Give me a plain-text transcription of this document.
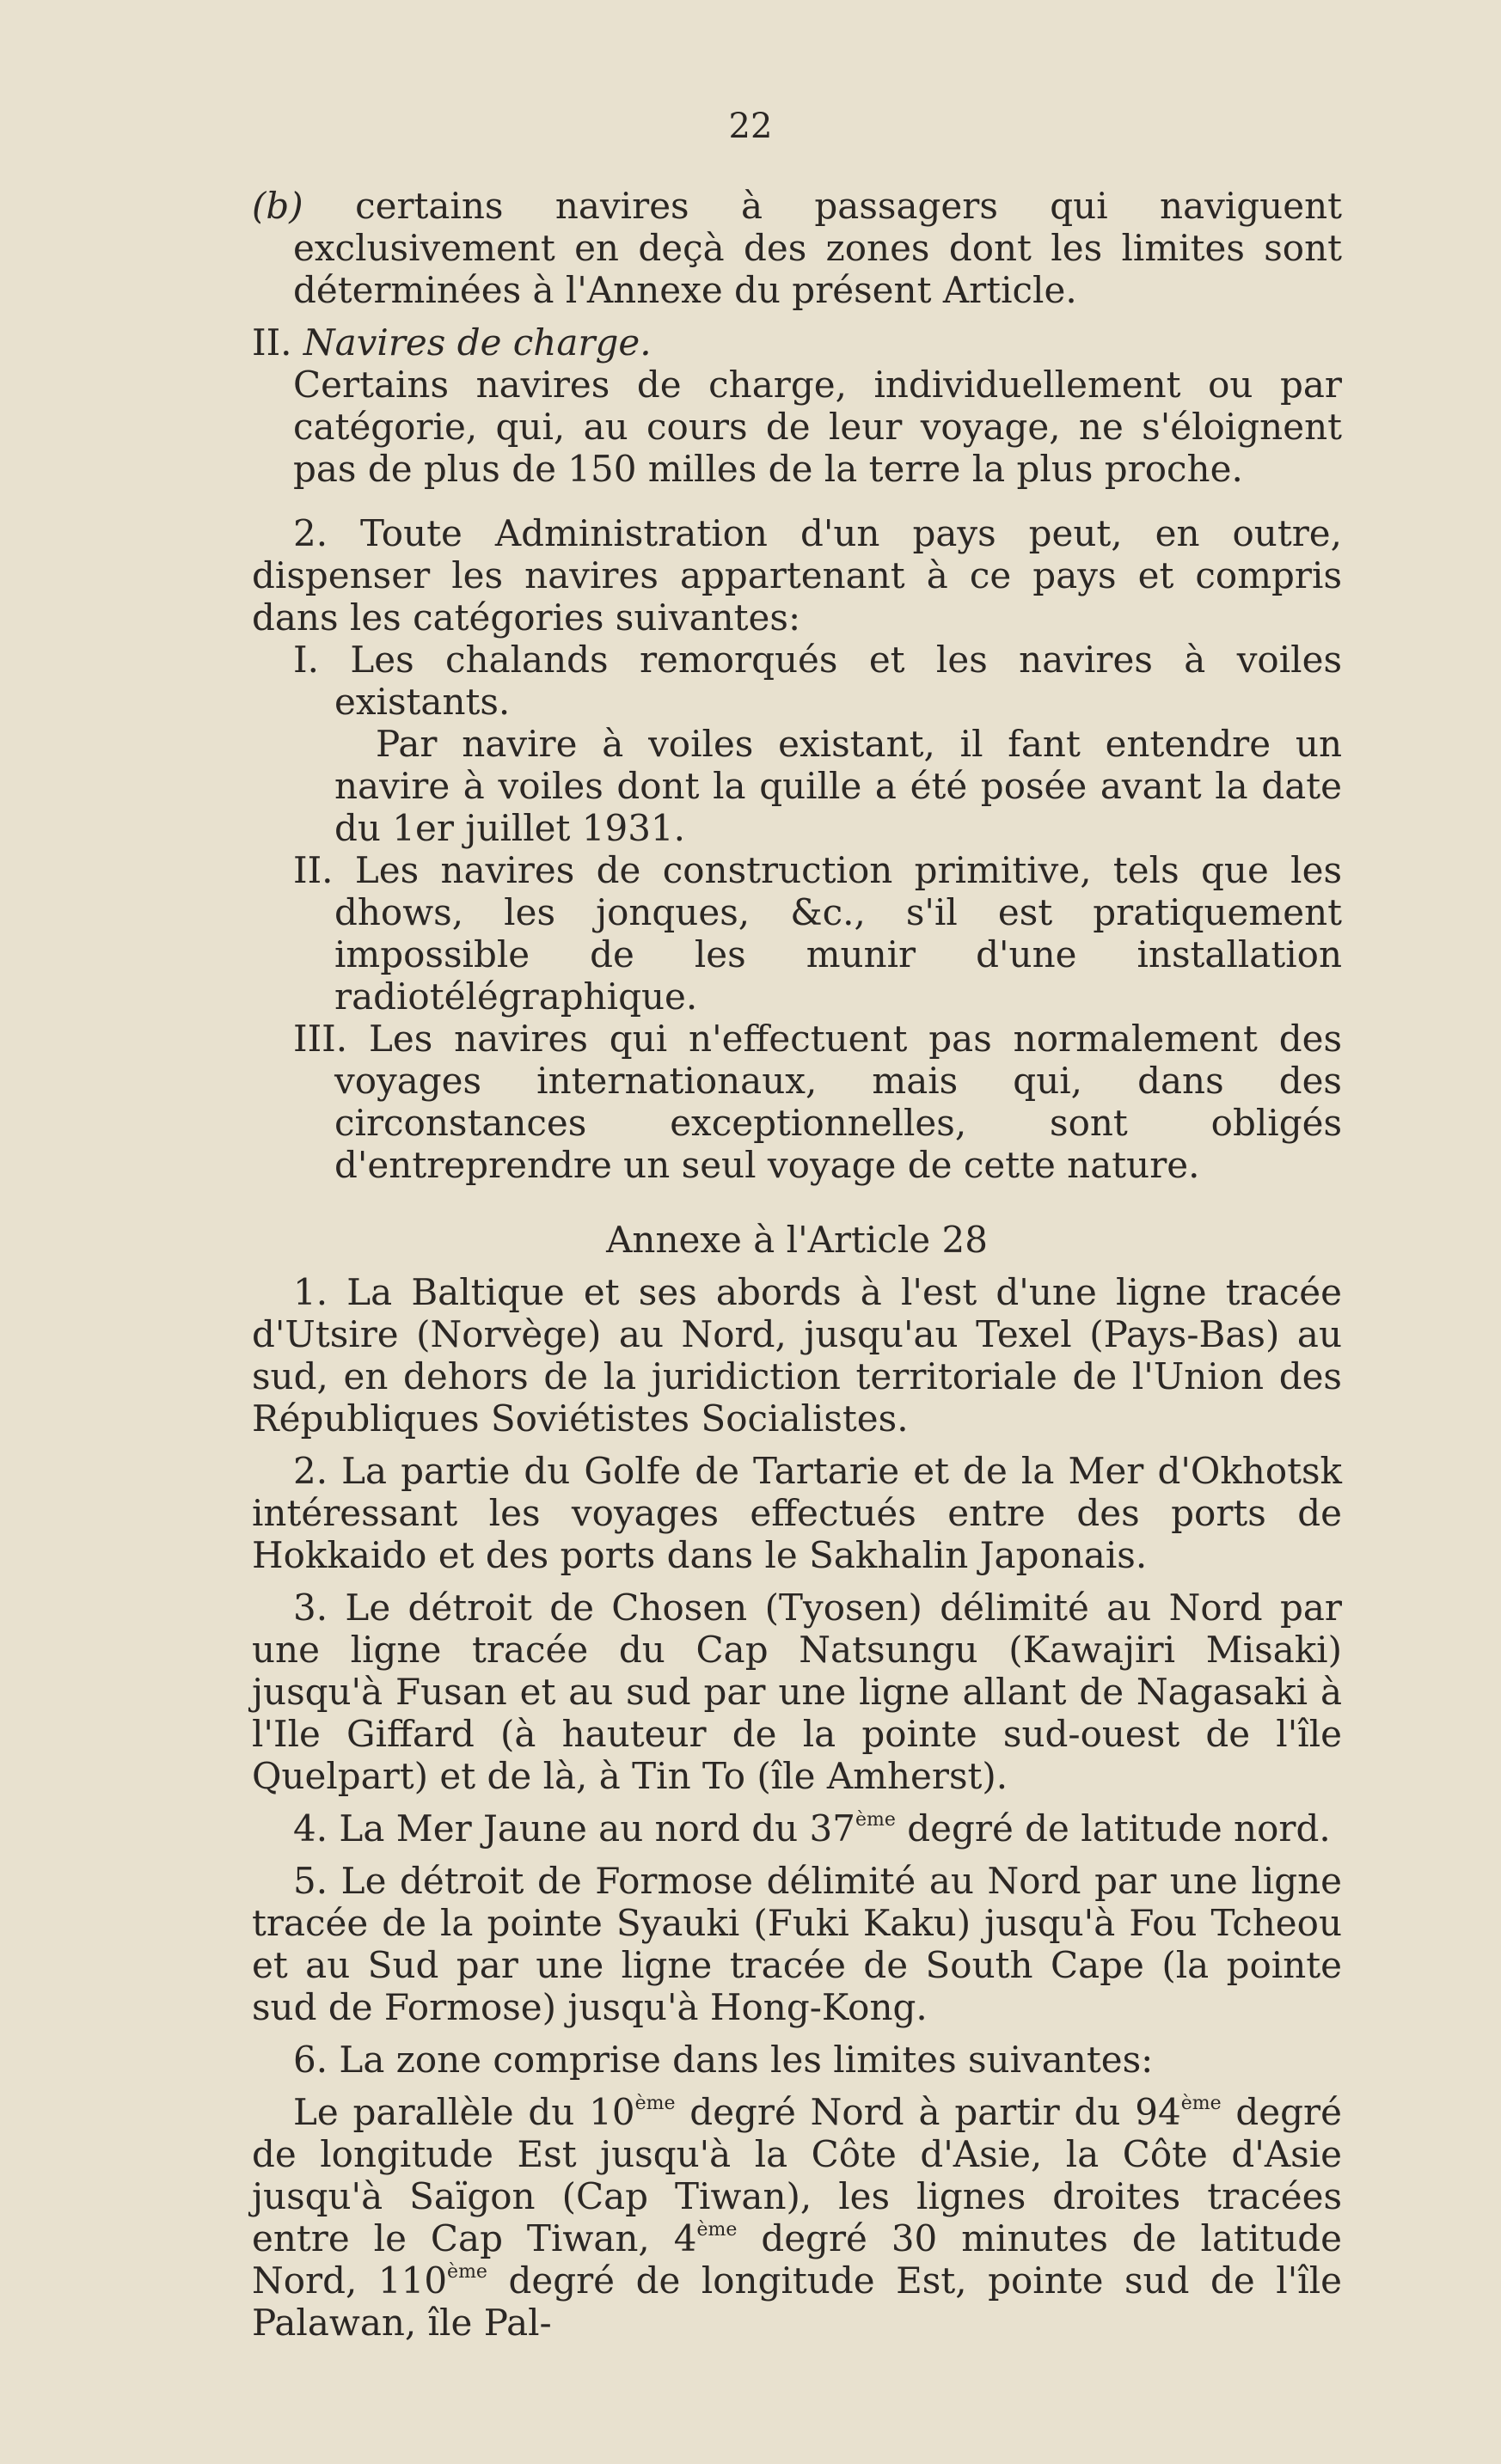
22

(b) certains navires à passagers qui naviguent exclusivement en deçà des zones dont les limites sont déterminées à l'Annexe du présent Article.

II. Navires de charge.

Certains navires de charge, individuellement ou par catégorie, qui, au cours de leur voyage, ne s'éloignent pas de plus de 150 milles de la terre la plus proche.

2. Toute Administration d'un pays peut, en outre, dispenser les navires appartenant à ce pays et compris dans les catégories suivantes:

I. Les chalands remorqués et les navires à voiles existants.

Par navire à voiles existant, il fant entendre un navire à voiles dont la quille a été posée avant la date du 1er juillet 1931.

II. Les navires de construction primitive, tels que les dhows, les jonques, &c., s'il est pratiquement impossible de les munir d'une installation radiotélégraphique.

III. Les navires qui n'effectuent pas normalement des voyages internationaux, mais qui, dans des circonstances exceptionnelles, sont obligés d'entreprendre un seul voyage de cette nature.

Annexe à l'Article 28

1. La Baltique et ses abords à l'est d'une ligne tracée d'Utsire (Norvège) au Nord, jusqu'au Texel (Pays-Bas) au sud, en dehors de la juridiction territoriale de l'Union des Républiques Soviétistes Socialistes.

2. La partie du Golfe de Tartarie et de la Mer d'Okhotsk intéressant les voyages effectués entre des ports de Hokkaido et des ports dans le Sakhalin Japonais.

3. Le détroit de Chosen (Tyosen) délimité au Nord par une ligne tracée du Cap Natsungu (Kawajiri Misaki) jusqu'à Fusan et au sud par une ligne allant de Nagasaki à l'Ile Giffard (à hauteur de la pointe sud-ouest de l'île Quelpart) et de là, à Tin To (île Amherst).

4. La Mer Jaune au nord du 37ème degré de latitude nord.

5. Le détroit de Formose délimité au Nord par une ligne tracée de la pointe Syauki (Fuki Kaku) jusqu'à Fou Tcheou et au Sud par une ligne tracée de South Cape (la pointe sud de Formose) jusqu'à Hong-Kong.

6. La zone comprise dans les limites suivantes:

Le parallèle du 10ème degré Nord à partir du 94ème degré de longitude Est jusqu'à la Côte d'Asie, la Côte d'Asie jusqu'à Saïgon (Cap Tiwan), les lignes droites tracées entre le Cap Tiwan, 4ème degré 30 minutes de latitude Nord, 110ème degré de longitude Est, pointe sud de l'île Palawan, île Pal-
